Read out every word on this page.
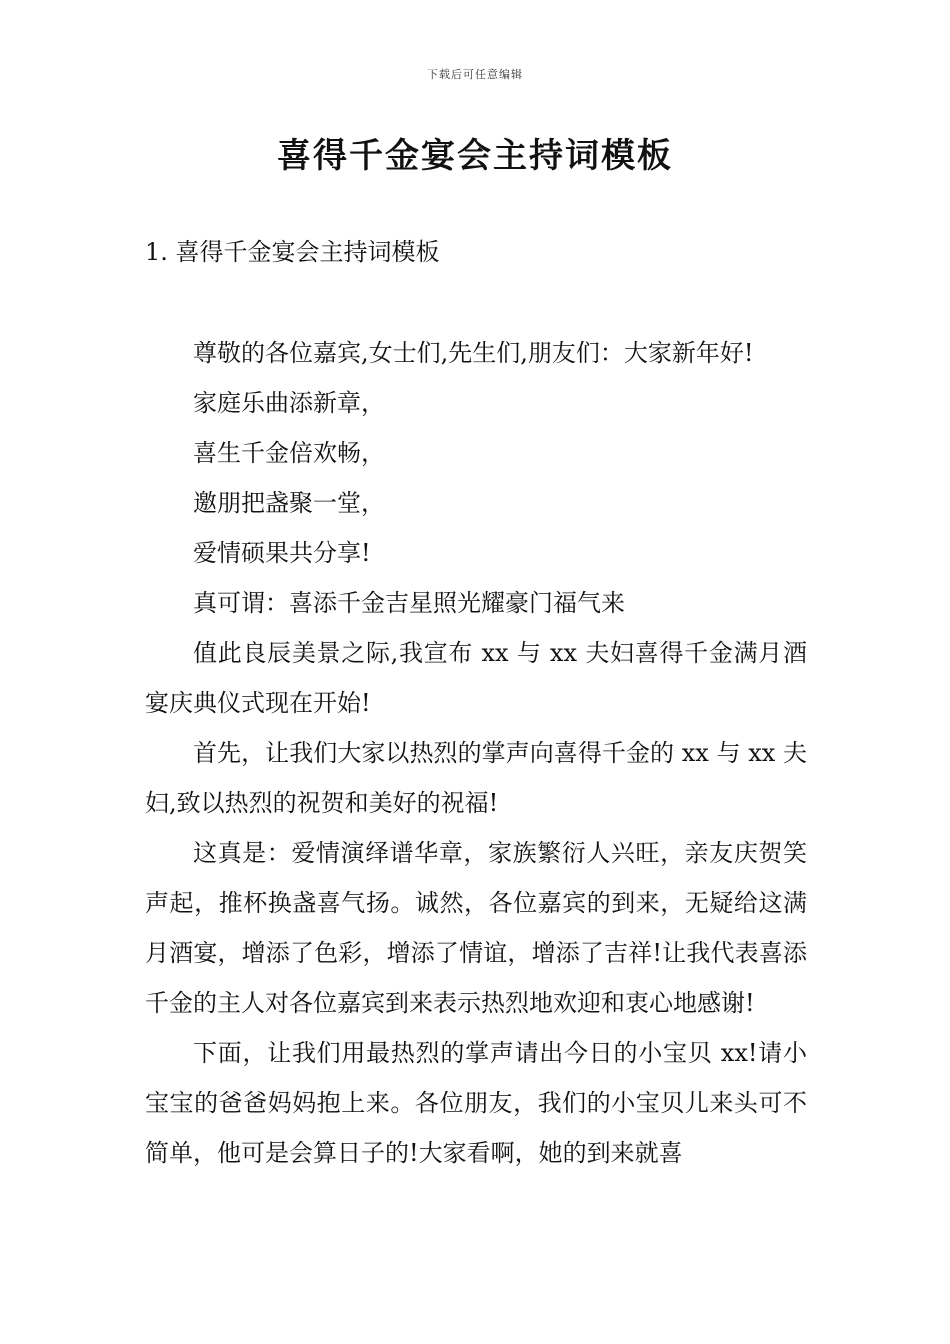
下载后可任意编辑
喜得千金宴会主持词模板
1. 喜得千金宴会主持词模板

尊敬的各位嘉宾,女士们,先生们,朋友们：大家新年好!

家庭乐曲添新章，

喜生千金倍欢畅，

邀朋把盏聚一堂，

爱情硕果共分享!

真可谓：喜添千金吉星照光耀豪门福气来

值此良辰美景之际,我宣布 xx 与 xx 夫妇喜得千金满月酒宴庆典仪式现在开始!

首先，让我们大家以热烈的掌声向喜得千金的 xx 与 xx 夫妇,致以热烈的祝贺和美好的祝福!

这真是：爱情演绎谱华章，家族繁衍人兴旺，亲友庆贺笑声起，推杯换盏喜气扬。诚然，各位嘉宾的到来，无疑给这满月酒宴，增添了色彩，增添了情谊，增添了吉祥!让我代表喜添千金的主人对各位嘉宾到来表示热烈地欢迎和衷心地感谢!

下面，让我们用最热烈的掌声请出今日的小宝贝 xx!请小宝宝的爸爸妈妈抱上来。各位朋友，我们的小宝贝儿来头可不简单，他可是会算日子的!大家看啊，她的到来就喜
